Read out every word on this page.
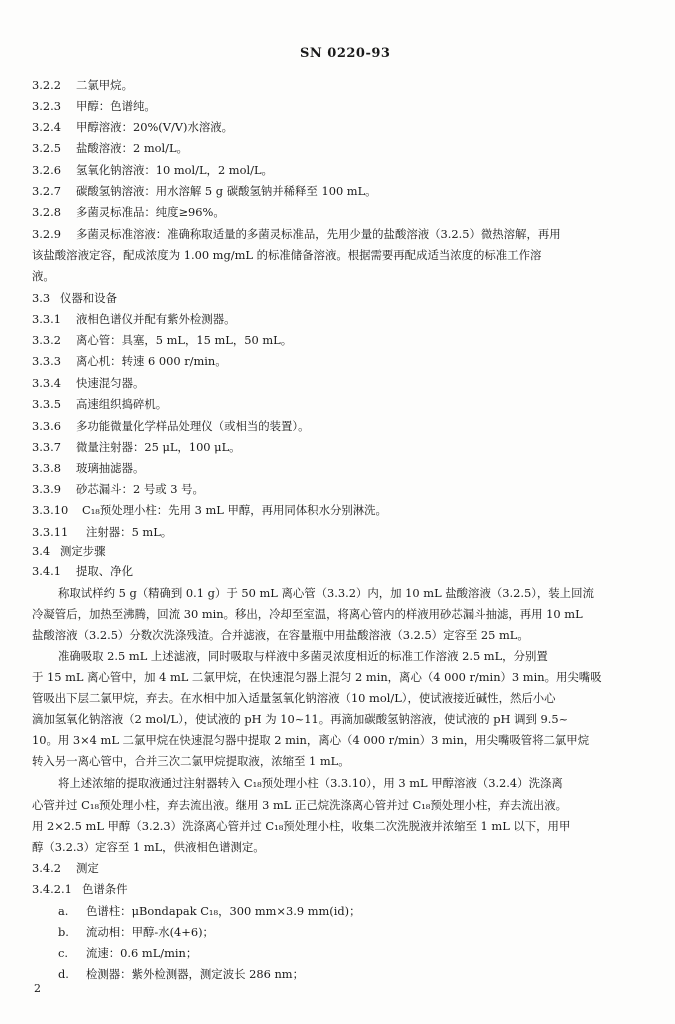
SN 0220-93
3.2.2 二氯甲烷。
3.2.3 甲醇：色谱纯。
3.2.4 甲醇溶液：20%(V/V)水溶液。
3.2.5 盐酸溶液：2 mol/L。
3.2.6 氢氧化钠溶液：10 mol/L，2 mol/L。
3.2.7 碳酸氢钠溶液：用水溶解 5 g 碳酸氢钠并稀释至 100 mL。
3.2.8 多菌灵标准品：纯度≥96%。
3.2.9 多菌灵标准溶液：准确称取适量的多菌灵标准品，先用少量的盐酸溶液（3.2.5）微热溶解，再用
该盐酸溶液定容，配成浓度为 1.00 mg/mL 的标准储备溶液。根据需要再配成适当浓度的标准工作溶
液。
3.3 仪器和设备
3.3.1 液相色谱仪并配有紫外检测器。
3.3.2 离心管：具塞，5 mL，15 mL，50 mL。
3.3.3 离心机：转速 6 000 r/min。
3.3.4 快速混匀器。
3.3.5 高速组织捣碎机。
3.3.6 多功能微量化学样品处理仪（或相当的装置）。
3.3.7 微量注射器：25 μL，100 μL。
3.3.8 玻璃抽滤器。
3.3.9 砂芯漏斗：2 号或 3 号。
3.3.10 C₁₈预处理小柱：先用 3 mL 甲醇，再用同体积水分别淋洗。
3.3.11 注射器：5 mL。
3.4 测定步骤
3.4.1 提取、净化
称取试样约 5 g（精确到 0.1 g）于 50 mL 离心管（3.3.2）内，加 10 mL 盐酸溶液（3.2.5），装上回流
冷凝管后，加热至沸腾，回流 30 min。移出，冷却至室温，将离心管内的样液用砂芯漏斗抽滤，再用 10 mL
盐酸溶液（3.2.5）分数次洗涤残渣。合并滤液，在容量瓶中用盐酸溶液（3.2.5）定容至 25 mL。
准确吸取 2.5 mL 上述滤液，同时吸取与样液中多菌灵浓度相近的标准工作溶液 2.5 mL，分别置
于 15 mL 离心管中，加 4 mL 二氯甲烷，在快速混匀器上混匀 2 min，离心（4 000 r/min）3 min。用尖嘴吸
管吸出下层二氯甲烷，弃去。在水相中加入适量氢氧化钠溶液（10 mol/L），使试液接近碱性，然后小心
滴加氢氧化钠溶液（2 mol/L），使试液的 pH 为 10~11。再滴加碳酸氢钠溶液，使试液的 pH 调到 9.5~
10。用 3×4 mL 二氯甲烷在快速混匀器中提取 2 min，离心（4 000 r/min）3 min，用尖嘴吸管将二氯甲烷
转入另一离心管中，合并三次二氯甲烷提取液，浓缩至 1 mL。
将上述浓缩的提取液通过注射器转入 C₁₈预处理小柱（3.3.10），用 3 mL 甲醇溶液（3.2.4）洗涤离
心管并过 C₁₈预处理小柱，弃去流出液。继用 3 mL 正己烷洗涤离心管并过 C₁₈预处理小柱，弃去流出液。
用 2×2.5 mL 甲醇（3.2.3）洗涤离心管并过 C₁₈预处理小柱，收集二次洗脱液并浓缩至 1 mL 以下，用甲
醇（3.2.3）定容至 1 mL，供液相色谱测定。
3.4.2 测定
3.4.2.1 色谱条件
a. 色谱柱：μBondapak C₁₈，300 mm×3.9 mm(id)；
b. 流动相：甲醇-水(4+6)；
c. 流速：0.6 mL/min；
d. 检测器：紫外检测器，测定波长 286 nm；
2
